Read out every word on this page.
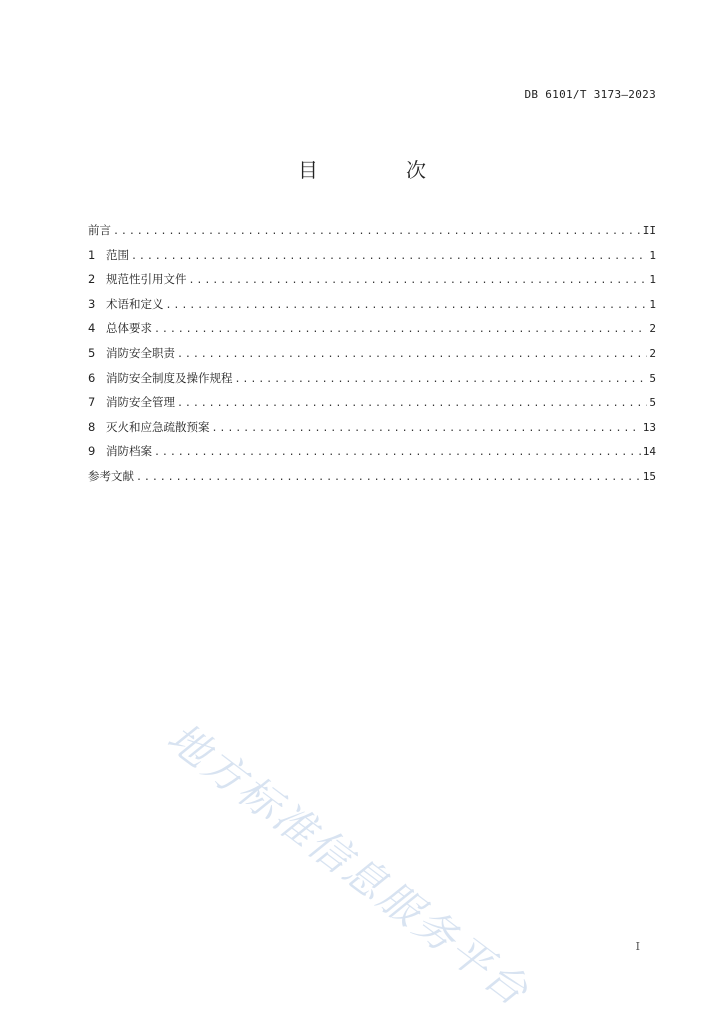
DB 6101/T 3173—2023
目　次
前言 .....	II
1 范围 .....	1
2 规范性引用文件 .....	1
3 术语和定义 .....	1
4 总体要求 .....	2
5 消防安全职责 .....	2
6 消防安全制度及操作规程 .....	5
7 消防安全管理 .....	5
8 灭火和应急疏散预案 .....	13
9 消防档案 .....	14
参考文献 .....	15
地方标准信息服务平台	I
